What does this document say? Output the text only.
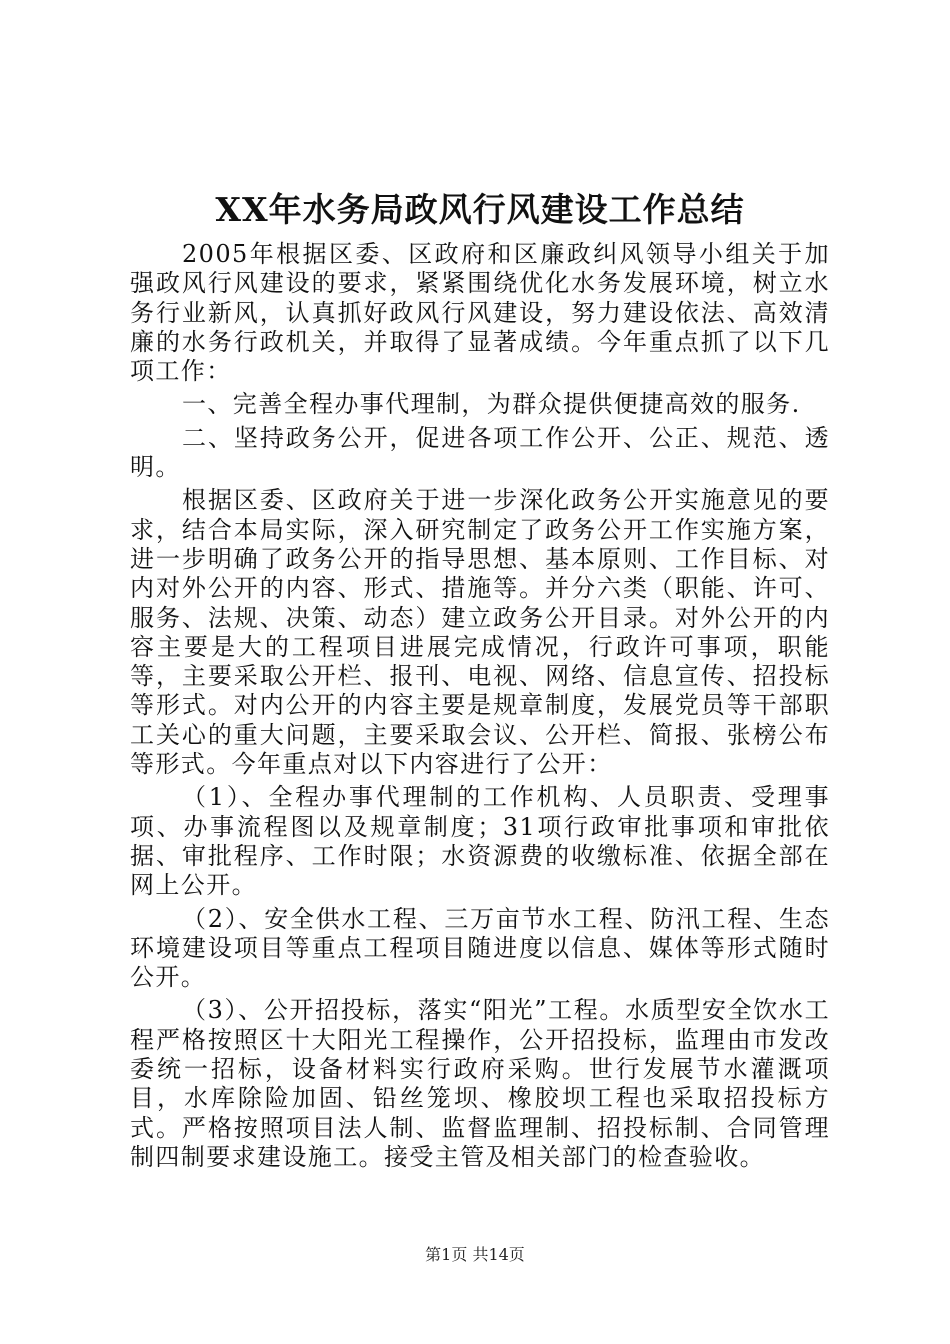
XX年水务局政风行风建设工作总结

2005年根据区委、区政府和区廉政纠风领导小组关于加强政风行风建设的要求，紧紧围绕优化水务发展环境，树立水务行业新风，认真抓好政风行风建设，努力建设依法、高效清廉的水务行政机关，并取得了显著成绩。今年重点抓了以下几项工作：

一、完善全程办事代理制，为群众提供便捷高效的服务.

二、坚持政务公开，促进各项工作公开、公正、规范、透明。

根据区委、区政府关于进一步深化政务公开实施意见的要求，结合本局实际，深入研究制定了政务公开工作实施方案，进一步明确了政务公开的指导思想、基本原则、工作目标、对内对外公开的内容、形式、措施等。并分六类（职能、许可、服务、法规、决策、动态）建立政务公开目录。对外公开的内容主要是大的工程项目进展完成情况，行政许可事项，职能等，主要采取公开栏、报刊、电视、网络、信息宣传、招投标等形式。对内公开的内容主要是规章制度，发展党员等干部职工关心的重大问题，主要采取会议、公开栏、简报、张榜公布等形式。今年重点对以下内容进行了公开：

（1）、全程办事代理制的工作机构、人员职责、受理事项、办事流程图以及规章制度；31项行政审批事项和审批依据、审批程序、工作时限；水资源费的收缴标准、依据全部在网上公开。

（2）、安全供水工程、三万亩节水工程、防汛工程、生态环境建设项目等重点工程项目随进度以信息、媒体等形式随时公开。

（3）、公开招投标，落实“阳光”工程。水质型安全饮水工程严格按照区十大阳光工程操作，公开招投标，监理由市发改委统一招标，设备材料实行政府采购。世行发展节水灌溉项目，水库除险加固、铅丝笼坝、橡胶坝工程也采取招投标方式。严格按照项目法人制、监督监理制、招投标制、合同管理制四制要求建设施工。接受主管及相关部门的检查验收。

第1页 共14页
